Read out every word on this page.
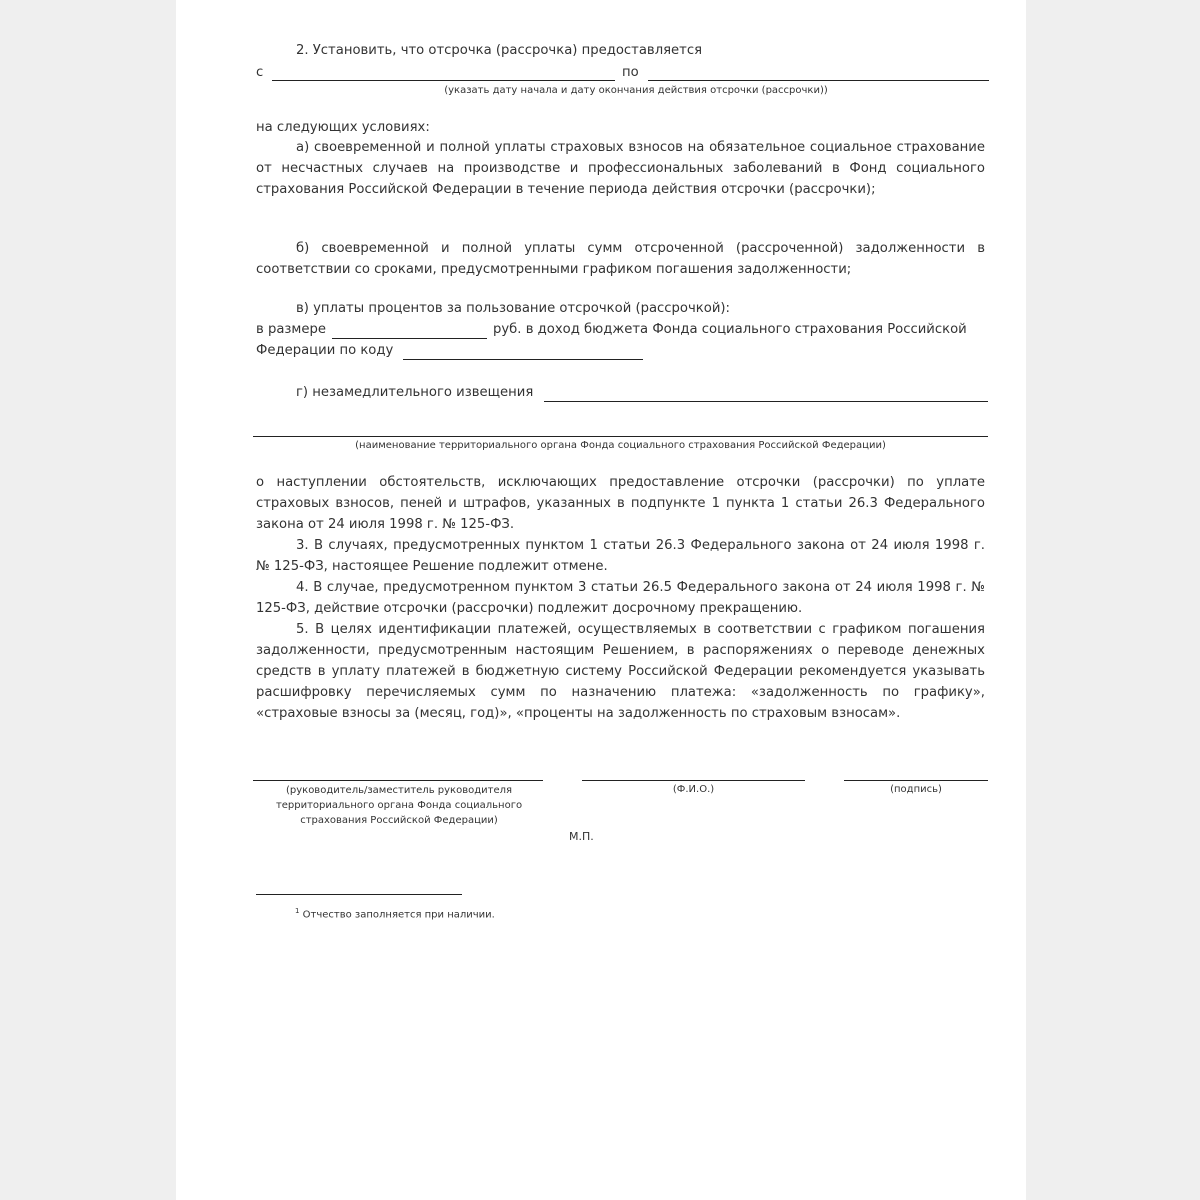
2. Установить, что отсрочка (рассрочка) предоставляется
с	по
(указать дату начала и дату окончания действия отсрочки (рассрочки))
на следующих условиях:
а) своевременной и полной уплаты страховых взносов на обязательное социальное страхование от несчастных случаев на производстве и профессиональных заболеваний в Фонд социального страхования Российской Федерации в течение периода действия отсрочки (рассрочки);
б) своевременной и полной уплаты сумм отсроченной (рассроченной) задолженности в соответствии со сроками, предусмотренными графиком погашения задолженности;
в) уплаты процентов за пользование отсрочкой (рассрочкой):
в размере	руб. в доход бюджета Фонда социального страхования Российской
Федерации по коду
г) незамедлительного извещения
(наименование территориального органа Фонда социального страхования Российской Федерации)
о наступлении обстоятельств, исключающих предоставление отсрочки (рассрочки) по уплате страховых взносов, пеней и штрафов, указанных в подпункте 1 пункта 1 статьи 26.3 Федерального закона от 24 июля 1998 г. № 125-ФЗ.
3. В случаях, предусмотренных пунктом 1 статьи 26.3 Федерального закона от 24 июля 1998 г. № 125-ФЗ, настоящее Решение подлежит отмене.
4. В случае, предусмотренном пунктом 3 статьи 26.5 Федерального закона от 24 июля 1998 г. № 125-ФЗ, действие отсрочки (рассрочки) подлежит досрочному прекращению.
5. В целях идентификации платежей, осуществляемых в соответствии с графиком погашения задолженности, предусмотренным настоящим Решением, в распоряжениях о переводе денежных средств в уплату платежей в бюджетную систему Российской Федерации рекомендуется указывать расшифровку перечисляемых сумм по назначению платежа: «задолженность по графику», «страховые взносы за (месяц, год)», «проценты на задолженность по страховым взносам».
(руководитель/заместитель руководителя территориального органа Фонда социального страхования Российской Федерации)
(Ф.И.О.)	(подпись)
М.П.
$^1$ Отчество заполняется при наличии.
